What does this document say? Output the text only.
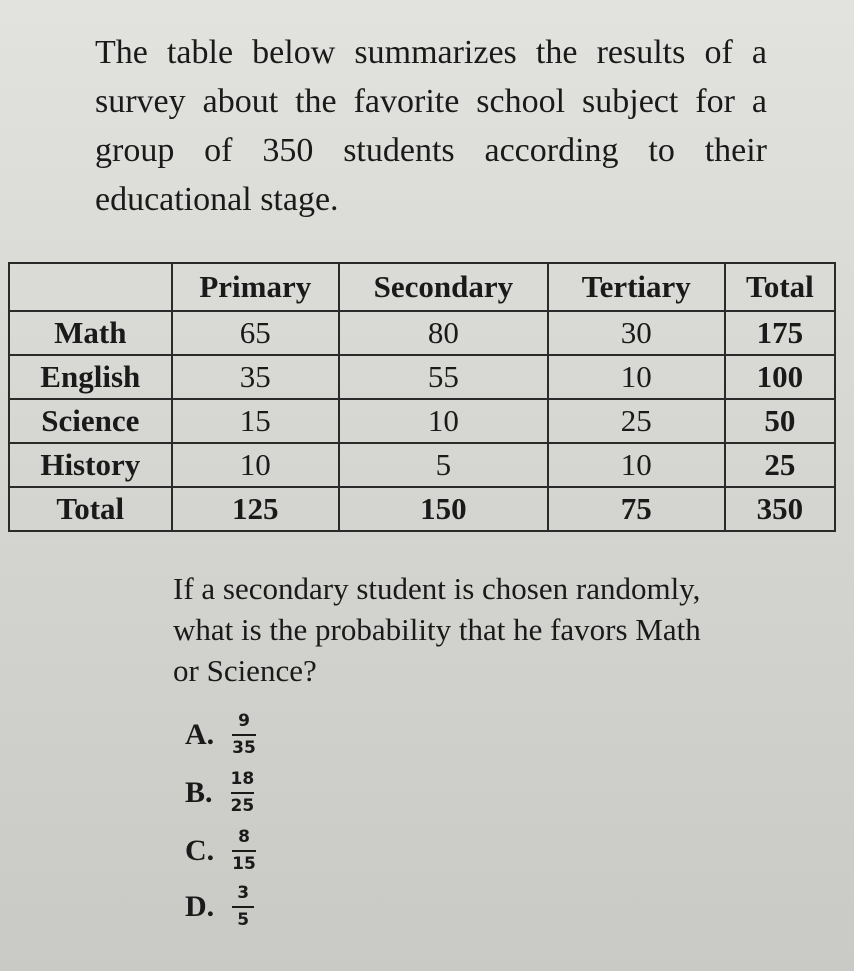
The table below summarizes the results of a survey about the favorite school subject for a group of 350 students according to their educational stage.

	Primary	Secondary	Tertiary	Total
Math	65	80	30	175
English	35	55	10	100
Science	15	10	25	50
History	10	5	10	25
Total	125	150	75	350

If a secondary student is chosen randomly, what is the probability that he favors Math or Science?

A. $\frac{9}{35}$
B. $\frac{18}{25}$
C. $\frac{8}{15}$
D. $\frac{3}{5}$
